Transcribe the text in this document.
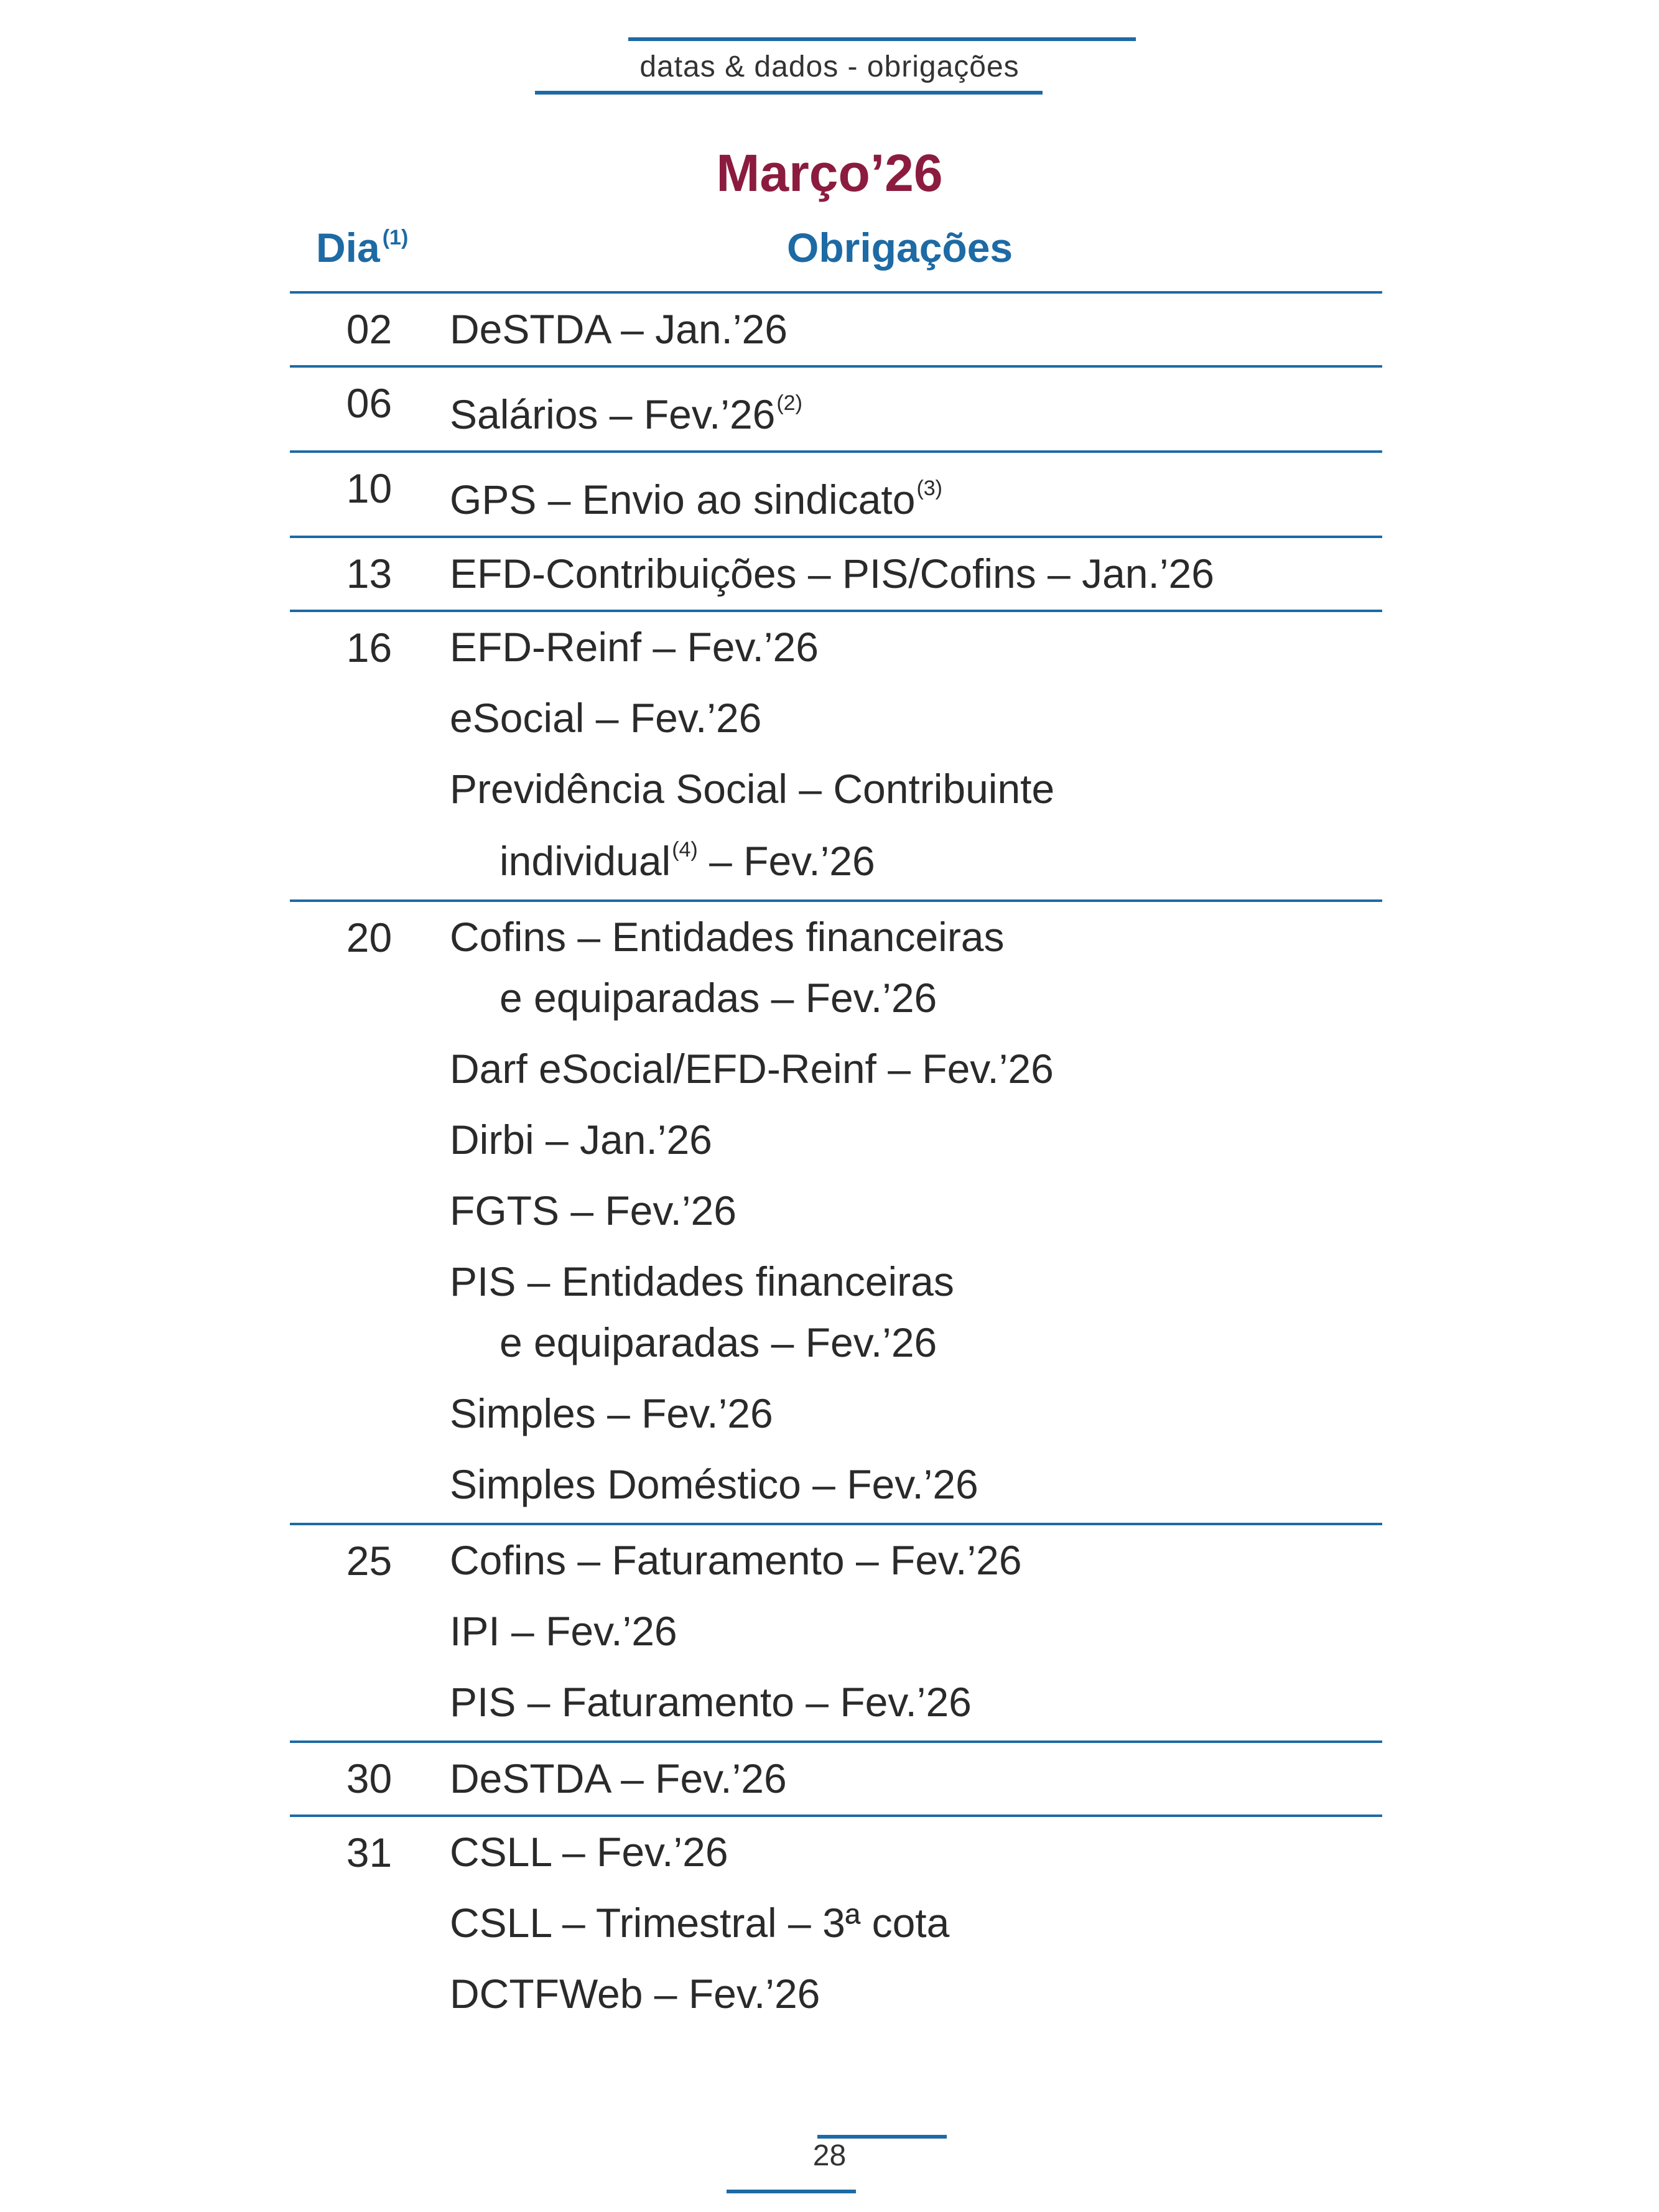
datas & dados - obrigações
Março’26
Dia $^{(1)}$	Obrigações
02	DeSTDA – Jan.’26
06	Salários – Fev.’26$^{(2)}$
10	GPS – Envio ao sindicato$^{(3)}$
13	EFD-Contribuições – PIS/Cofins – Jan.’26
16	EFD-Reinf – Fev.’26
eSocial – Fev.’26
Previdência Social – Contribuinte
individual$^{(4)}$ – Fev.’26
20	Cofins – Entidades financeiras
e equiparadas – Fev.’26
Darf eSocial/EFD-Reinf – Fev.’26
Dirbi – Jan.’26
FGTS – Fev.’26
PIS – Entidades financeiras
e equiparadas – Fev.’26
Simples – Fev.’26
Simples Doméstico – Fev.’26
25	Cofins – Faturamento – Fev.’26
IPI – Fev.’26
PIS – Faturamento – Fev.’26
30	DeSTDA – Fev.’26
31	CSLL – Fev.’26
CSLL – Trimestral – 3ª cota
DCTFWeb – Fev.’26
28
